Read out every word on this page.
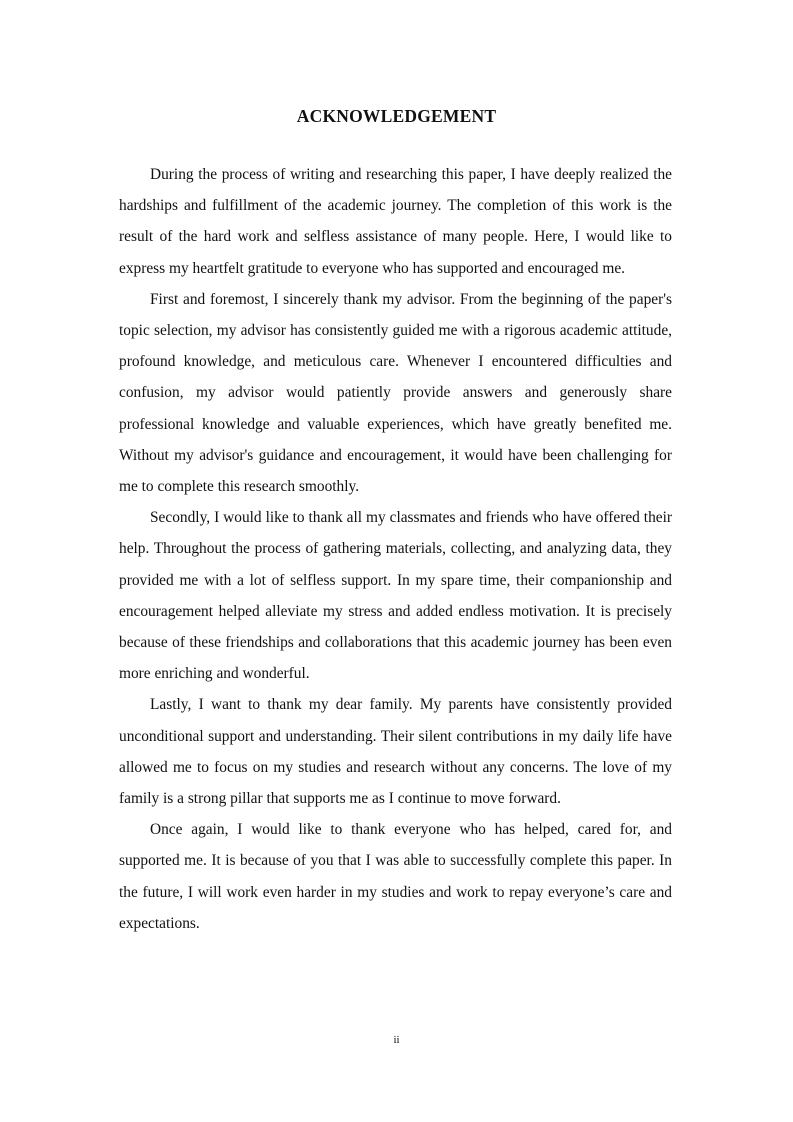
ACKNOWLEDGEMENT

During the process of writing and researching this paper, I have deeply realized the hardships and fulfillment of the academic journey. The completion of this work is the result of the hard work and selfless assistance of many people. Here, I would like to express my heartfelt gratitude to everyone who has supported and encouraged me.

First and foremost, I sincerely thank my advisor. From the beginning of the paper's topic selection, my advisor has consistently guided me with a rigorous academic attitude, profound knowledge, and meticulous care. Whenever I encountered difficulties and confusion, my advisor would patiently provide answers and generously share professional knowledge and valuable experiences, which have greatly benefited me. Without my advisor's guidance and encouragement, it would have been challenging for me to complete this research smoothly.

Secondly, I would like to thank all my classmates and friends who have offered their help. Throughout the process of gathering materials, collecting, and analyzing data, they provided me with a lot of selfless support. In my spare time, their companionship and encouragement helped alleviate my stress and added endless motivation. It is precisely because of these friendships and collaborations that this academic journey has been even more enriching and wonderful.

Lastly, I want to thank my dear family. My parents have consistently provided unconditional support and understanding. Their silent contributions in my daily life have allowed me to focus on my studies and research without any concerns. The love of my family is a strong pillar that supports me as I continue to move forward.

Once again, I would like to thank everyone who has helped, cared for, and supported me. It is because of you that I was able to successfully complete this paper. In the future, I will work even harder in my studies and work to repay everyone’s care and expectations.

ii
